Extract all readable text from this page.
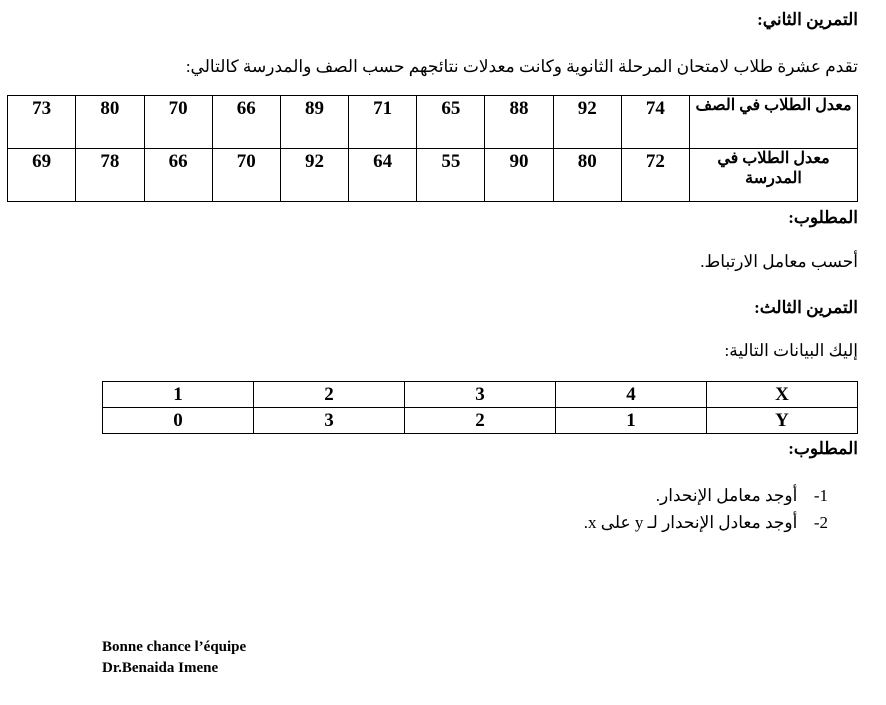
التمرين الثاني:
تقدم عشرة طلاب لامتحان المرحلة الثانوية وكانت معدلات نتائجهم حسب الصف والمدرسة كالتالي:
معدل الطلاب في الصف	74	92	88	65	71	89	66	70	80	73
معدل الطلاب في المدرسة	72	80	90	55	64	92	70	66	78	69
المطلوب:
أحسب معامل الارتباط.
التمرين الثالث:
إليك البيانات التالية:
X	4	3	2	1
Y	1	2	3	0
المطلوب:
1-  أوجد معامل الإنحدار.
2-  أوجد معادل الإنحدار لـ y على x.
Bonne chance l’équipe
Dr.Benaida Imene
